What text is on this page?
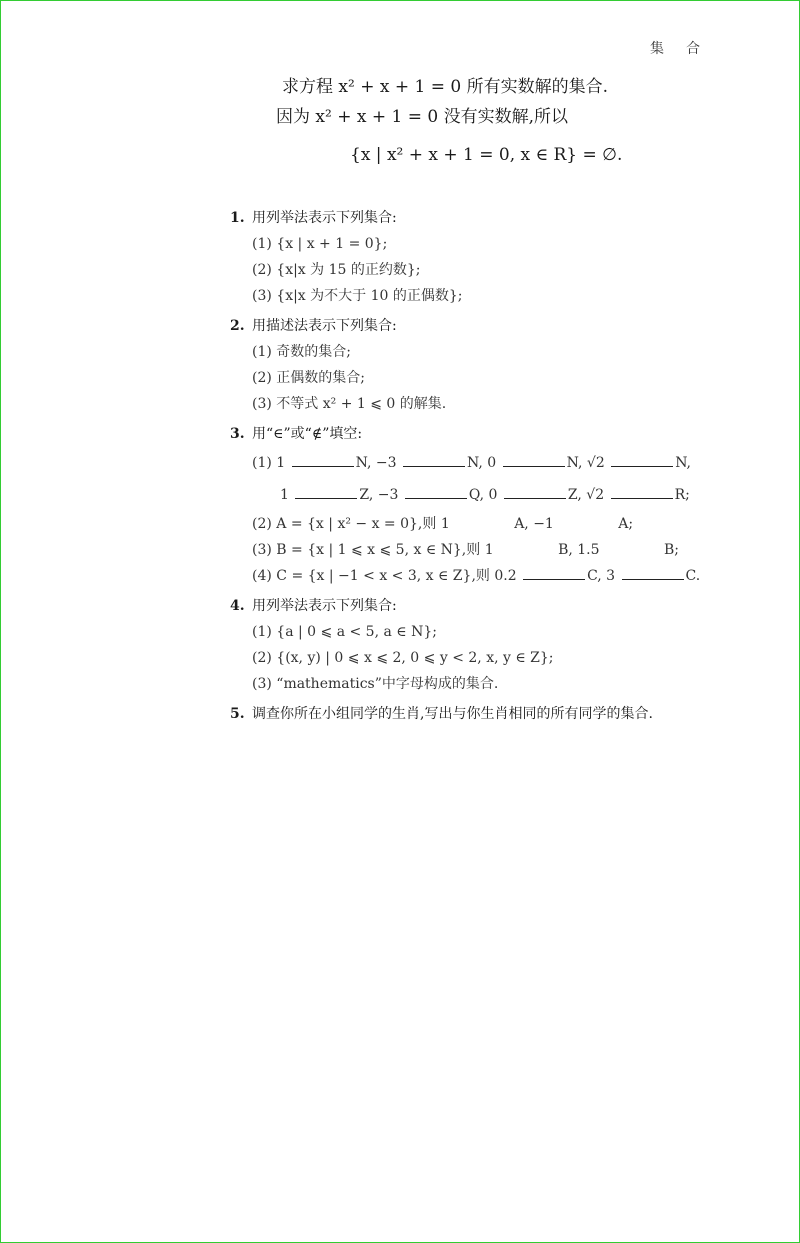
集合
求方程 x² + x + 1 = 0 所有实数解的集合.
因为 x² + x + 1 = 0 没有实数解,所以
{x | x² + x + 1 = 0, x ∈ R} = ∅.
1. 用列举法表示下列集合:
(1) {x | x + 1 = 0};
(2) {x|x 为 15 的正约数};
(3) {x|x 为不大于 10 的正偶数};
2. 用描述法表示下列集合:
(1) 奇数的集合;
(2) 正偶数的集合;
(3) 不等式 x² + 1 ⩽ 0 的解集.
3. 用“∈”或“∉”填空:
(1) 1	N, −3	N, 0	N, √2	N,
1	Z, −3	Q, 0	Z, √2	R;
(2) A = {x | x² − x = 0},则 1	A, −1	A;
(3) B = {x | 1 ⩽ x ⩽ 5, x ∈ N},则 1	B, 1.5	B;
(4) C = {x | −1 < x < 3, x ∈ Z},则 0.2	C, 3	C.
4. 用列举法表示下列集合:
(1) {a | 0 ⩽ a < 5, a ∈ N};
(2) {(x, y) | 0 ⩽ x ⩽ 2, 0 ⩽ y < 2, x, y ∈ Z};
(3) “mathematics”中字母构成的集合.
5. 调查你所在小组同学的生肖,写出与你生肖相同的所有同学的集合.
